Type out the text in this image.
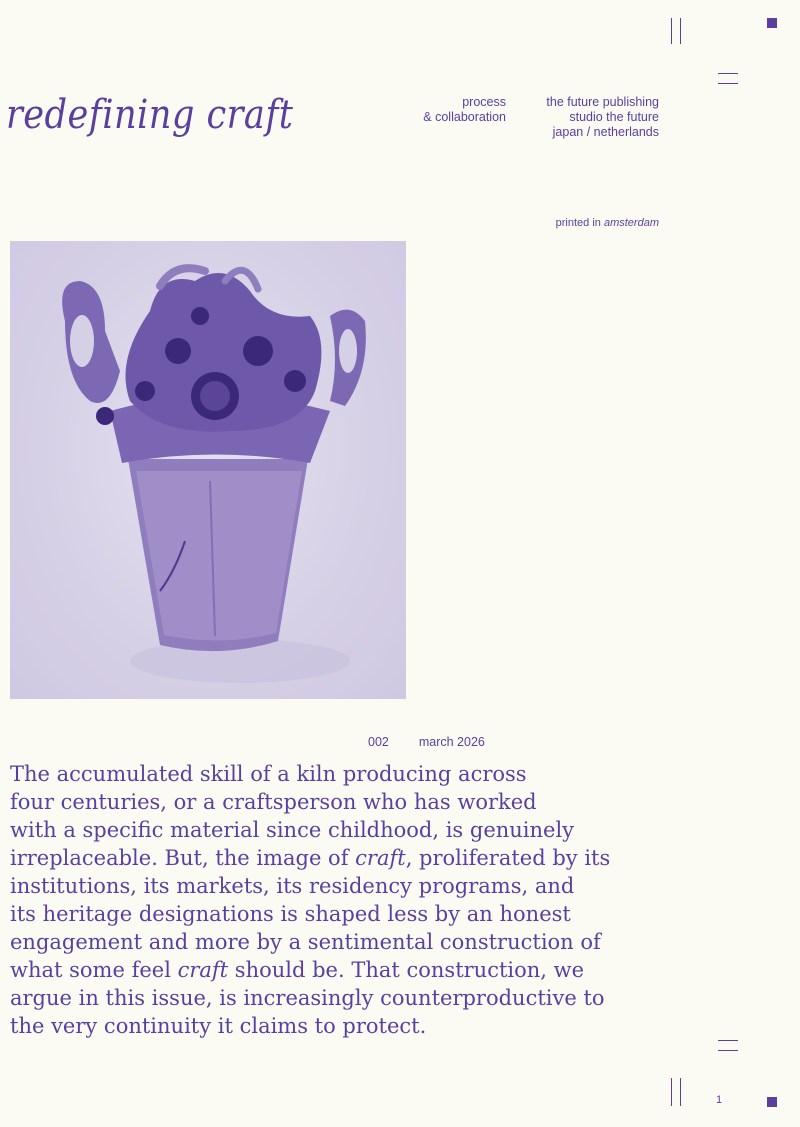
redefining craft	process
& collaboration
the future publishing
studio the future
japan / netherlands
printed in amsterdam
002 march 2026
The accumulated skill of a kiln producing across
four centuries, or a craftsperson who has worked
with a specific material since childhood, is genuinely
irreplaceable. But, the image of craft, proliferated by its
institutions, its markets, its residency programs, and
its heritage designations is shaped less by an honest
engagement and more by a sentimental construction of
what some feel craft should be. That construction, we
argue in this issue, is increasingly counterproductive to
the very continuity it claims to protect.
1
